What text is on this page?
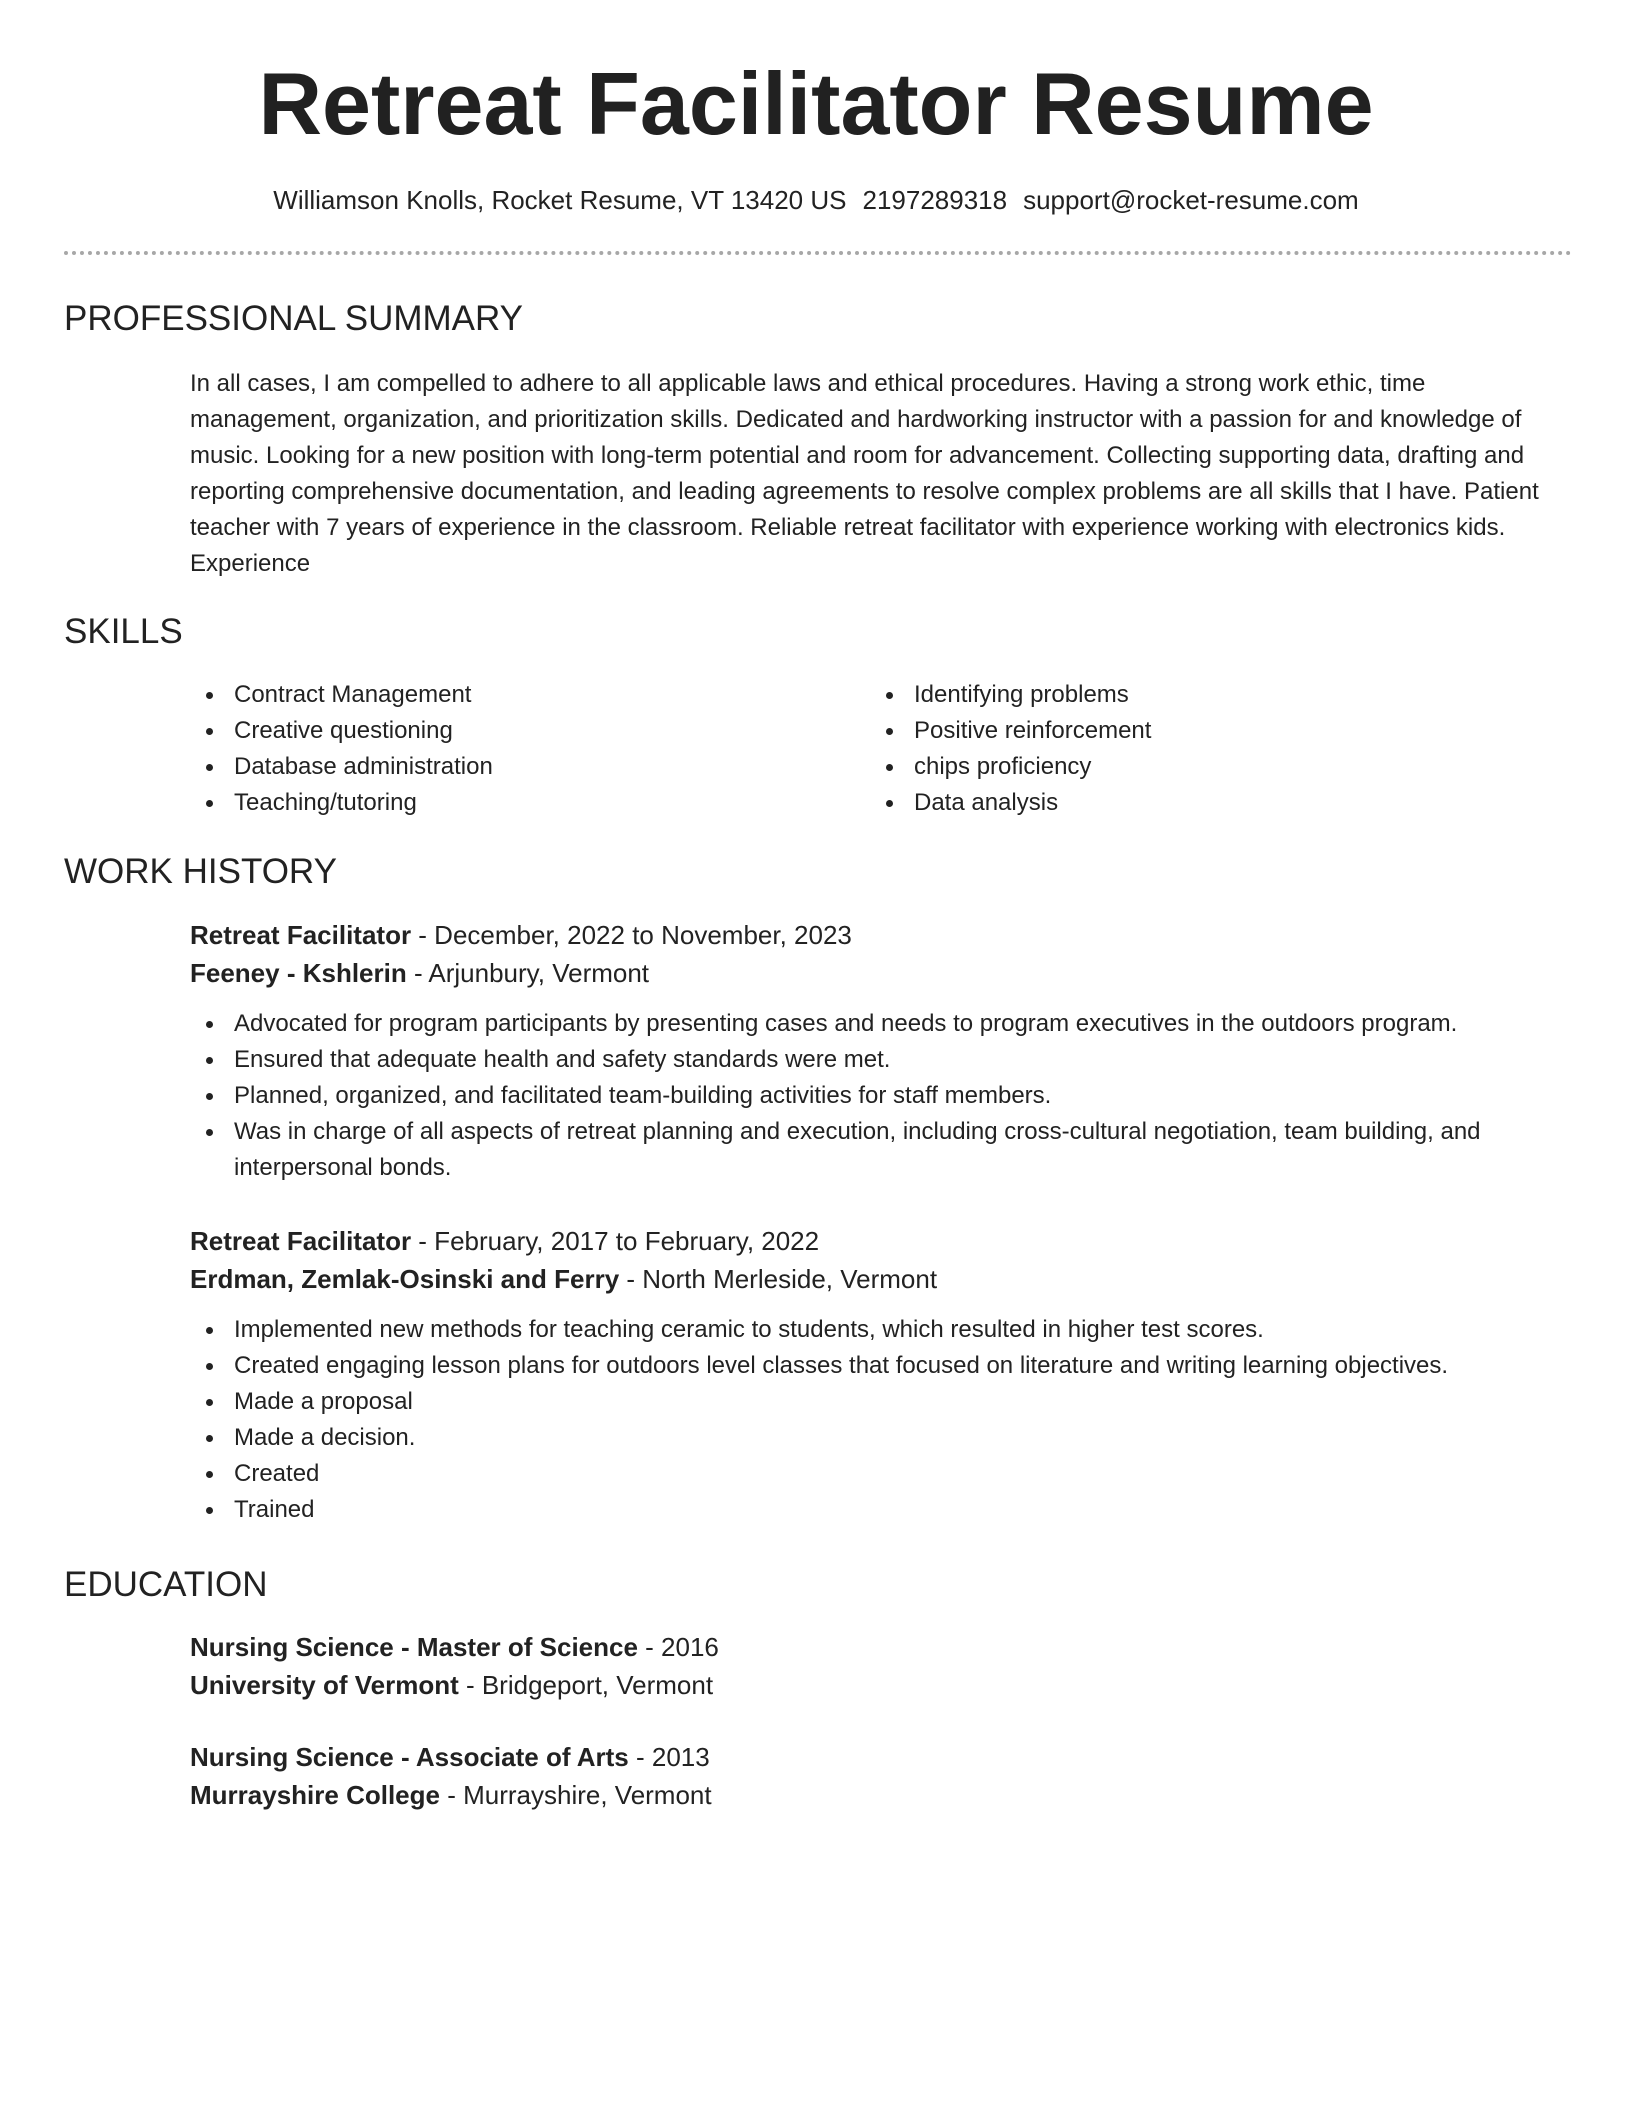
Retreat Facilitator Resume
Williamson Knolls, Rocket Resume, VT 13420 US 2197289318 support@rocket-resume.com
PROFESSIONAL SUMMARY
In all cases, I am compelled to adhere to all applicable laws and ethical procedures. Having a strong work ethic, time management, organization, and prioritization skills. Dedicated and hardworking instructor with a passion for and knowledge of music. Looking for a new position with long-term potential and room for advancement. Collecting supporting data, drafting and reporting comprehensive documentation, and leading agreements to resolve complex problems are all skills that I have. Patient teacher with 7 years of experience in the classroom. Reliable retreat facilitator with experience working with electronics kids. Experience
SKILLS
Contract Management
Creative questioning
Database administration
Teaching/tutoring
Identifying problems
Positive reinforcement
chips proficiency
Data analysis
WORK HISTORY
Retreat Facilitator - December, 2022 to November, 2023
Feeney - Kshlerin - Arjunbury, Vermont
Advocated for program participants by presenting cases and needs to program executives in the outdoors program.
Ensured that adequate health and safety standards were met.
Planned, organized, and facilitated team-building activities for staff members.
Was in charge of all aspects of retreat planning and execution, including cross-cultural negotiation, team building, and interpersonal bonds.
Retreat Facilitator - February, 2017 to February, 2022
Erdman, Zemlak-Osinski and Ferry - North Merleside, Vermont
Implemented new methods for teaching ceramic to students, which resulted in higher test scores.
Created engaging lesson plans for outdoors level classes that focused on literature and writing learning objectives.
Made a proposal
Made a decision.
Created
Trained
EDUCATION
Nursing Science - Master of Science - 2016
University of Vermont - Bridgeport, Vermont
Nursing Science - Associate of Arts - 2013
Murrayshire College - Murrayshire, Vermont
